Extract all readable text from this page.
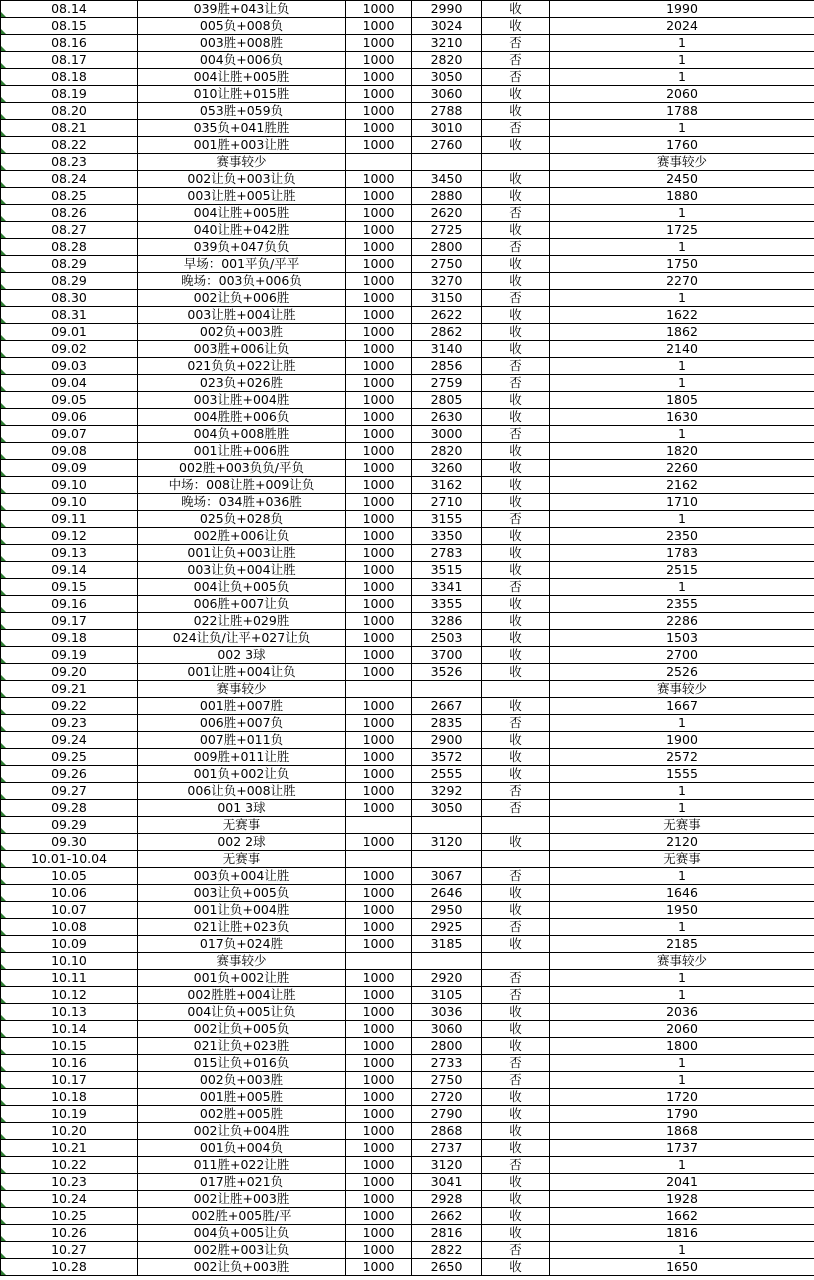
08.14	039胜+043让负	1000	2990	收	1990
08.15	005负+008负	1000	3024	收	2024
08.16	003胜+008胜	1000	3210	否	1
08.17	004负+006负	1000	2820	否	1
08.18	004让胜+005胜	1000	3050	否	1
08.19	010让胜+015胜	1000	3060	收	2060
08.20	053胜+059负	1000	2788	收	1788
08.21	035负+041胜胜	1000	3010	否	1
08.22	001胜+003让胜	1000	2760	收	1760
08.23	赛事较少				赛事较少
08.24	002让负+003让负	1000	3450	收	2450
08.25	003让胜+005让胜	1000	2880	收	1880
08.26	004让胜+005胜	1000	2620	否	1
08.27	040让胜+042胜	1000	2725	收	1725
08.28	039负+047负负	1000	2800	否	1
08.29	早场：001平负/平平	1000	2750	收	1750
08.29	晚场：003负+006负	1000	3270	收	2270
08.30	002让负+006胜	1000	3150	否	1
08.31	003让胜+004让胜	1000	2622	收	1622
09.01	002负+003胜	1000	2862	收	1862
09.02	003胜+006让负	1000	3140	收	2140
09.03	021负负+022让胜	1000	2856	否	1
09.04	023负+026胜	1000	2759	否	1
09.05	003让胜+004胜	1000	2805	收	1805
09.06	004胜胜+006负	1000	2630	收	1630
09.07	004负+008胜胜	1000	3000	否	1
09.08	001让胜+006胜	1000	2820	收	1820
09.09	002胜+003负负/平负	1000	3260	收	2260
09.10	中场：008让胜+009让负	1000	3162	收	2162
09.10	晚场：034胜+036胜	1000	2710	收	1710
09.11	025负+028负	1000	3155	否	1
09.12	002胜+006让负	1000	3350	收	2350
09.13	001让负+003让胜	1000	2783	收	1783
09.14	003让负+004让胜	1000	3515	收	2515
09.15	004让负+005负	1000	3341	否	1
09.16	006胜+007让负	1000	3355	收	2355
09.17	022让胜+029胜	1000	3286	收	2286
09.18	024让负/让平+027让负	1000	2503	收	1503
09.19	002 3球	1000	3700	收	2700
09.20	001让胜+004让负	1000	3526	收	2526
09.21	赛事较少				赛事较少
09.22	001胜+007胜	1000	2667	收	1667
09.23	006胜+007负	1000	2835	否	1
09.24	007胜+011负	1000	2900	收	1900
09.25	009胜+011让胜	1000	3572	收	2572
09.26	001负+002让负	1000	2555	收	1555
09.27	006让负+008让胜	1000	3292	否	1
09.28	001 3球	1000	3050	否	1
09.29	无赛事				无赛事
09.30	002 2球	1000	3120	收	2120
10.01-10.04	无赛事				无赛事
10.05	003负+004让胜	1000	3067	否	1
10.06	003让负+005负	1000	2646	收	1646
10.07	001让负+004胜	1000	2950	收	1950
10.08	021让胜+023负	1000	2925	否	1
10.09	017负+024胜	1000	3185	收	2185
10.10	赛事较少				赛事较少
10.11	001负+002让胜	1000	2920	否	1
10.12	002胜胜+004让胜	1000	3105	否	1
10.13	004让负+005让负	1000	3036	收	2036
10.14	002让负+005负	1000	3060	收	2060
10.15	021让负+023胜	1000	2800	收	1800
10.16	015让负+016负	1000	2733	否	1
10.17	002负+003胜	1000	2750	否	1
10.18	001胜+005胜	1000	2720	收	1720
10.19	002胜+005胜	1000	2790	收	1790
10.20	002让负+004胜	1000	2868	收	1868
10.21	001负+004负	1000	2737	收	1737
10.22	011胜+022让胜	1000	3120	否	1
10.23	017胜+021负	1000	3041	收	2041
10.24	002让胜+003胜	1000	2928	收	1928
10.25	002胜+005胜/平	1000	2662	收	1662
10.26	004负+005让负	1000	2816	收	1816
10.27	002胜+003让负	1000	2822	否	1
10.28	002让负+003胜	1000	2650	收	1650
